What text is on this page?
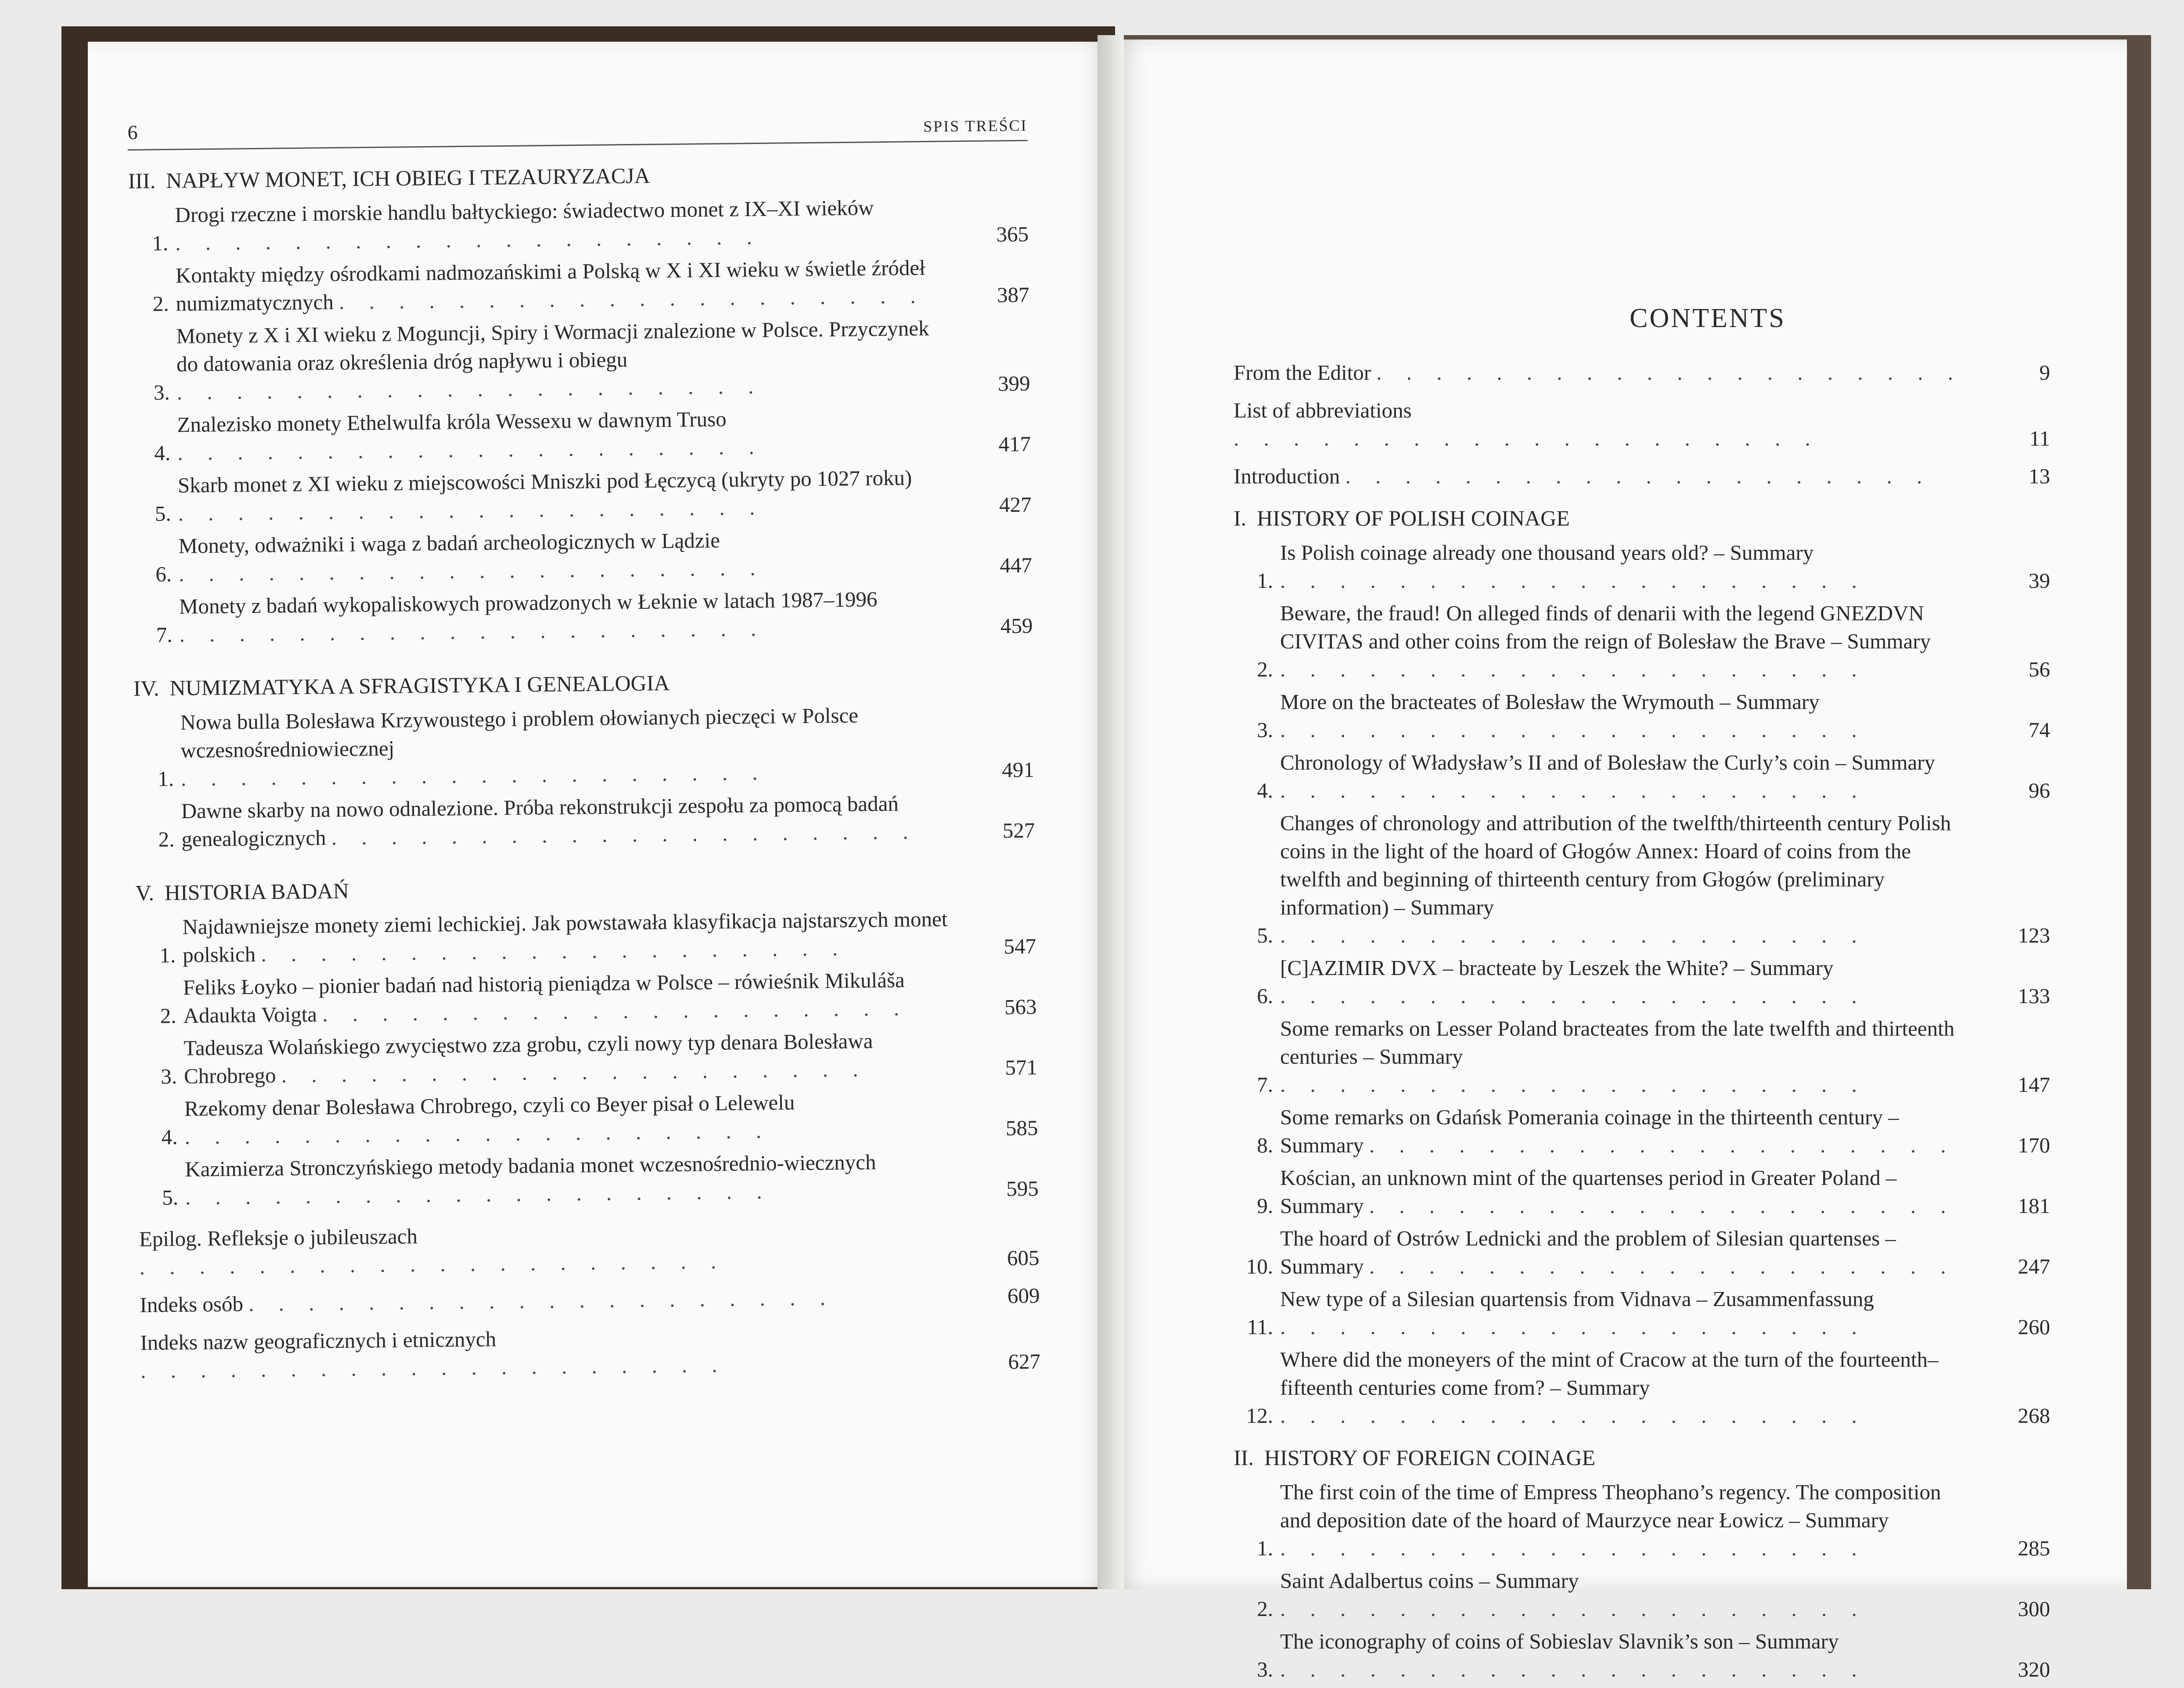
6	SPIS TREŚCI
III. NAPŁYW MONET, ICH OBIEG I TEZAURYZACJA
1.
Drogi rzeczne i morskie handlu bałtyckiego: świadectwo monet z IX–XI wieków . . . . . . . . . . . . . . . . . . . .	365
2.
Kontakty między ośrodkami nadmozańskimi a Polską w X i XI wieku w świetle źródeł numizmatycznych . . . . . . . . . . . . . . . . . . . .	387
3.
Monety z X i XI wieku z Moguncji, Spiry i Wormacji znalezione w Polsce. Przyczynek do datowania oraz określenia dróg napływu i obiegu . . . . . . . . . . . . . . . . . . . .	399
4.
Znalezisko monety Ethelwulfa króla Wessexu w dawnym Truso . . . . . . . . . . . . . . . . . . . .	417
5.
Skarb monet z XI wieku z miejscowości Mniszki pod Łęczycą (ukryty po 1027 roku) . . . . . . . . . . . . . . . . . . . .	427
6.
Monety, odważniki i waga z badań archeologicznych w Lądzie . . . . . . . . . . . . . . . . . . . .	447
7.
Monety z badań wykopaliskowych prowadzonych w Łeknie w latach 1987–1996 . . . . . . . . . . . . . . . . . . . .	459
IV. NUMIZMATYKA A SFRAGISTYKA I GENEALOGIA
1.
Nowa bulla Bolesława Krzywoustego i problem ołowianych pieczęci w Polsce wczesnośredniowiecznej . . . . . . . . . . . . . . . . . . . .	491
2.
Dawne skarby na nowo odnalezione. Próba rekonstrukcji zespołu za pomocą badań genealogicznych . . . . . . . . . . . . . . . . . . . .	527
V. HISTORIA BADAŃ
1.
Najdawniejsze monety ziemi lechickiej. Jak powstawała klasyfikacja najstarszych monet polskich . . . . . . . . . . . . . . . . . . . .	547
2.
Feliks Łoyko – pionier badań nad historią pieniądza w Polsce – rówieśnik Mikuláša Adaukta Voigta . . . . . . . . . . . . . . . . . . . .	563
3.
Tadeusza Wolańskiego zwycięstwo zza grobu, czyli nowy typ denara Bolesława Chrobrego . . . . . . . . . . . . . . . . . . . .	571
4.
Rzekomy denar Bolesława Chrobrego, czyli co Beyer pisał o Lelewelu . . . . . . . . . . . . . . . . . . . .	585
5.
Kazimierza Stronczyńskiego metody badania monet wczesnośrednio-wiecznych . . . . . . . . . . . . . . . . . . . .	595
Epilog. Refleksje o jubileuszach . . . . . . . . . . . . . . . . . . . .	605
Indeks osób . . . . . . . . . . . . . . . . . . . .	609
Indeks nazw geograficznych i etnicznych . . . . . . . . . . . . . . . . . . . .	627
CONTENTS
From the Editor . . . . . . . . . . . . . . . . . . . .	9
List of abbreviations . . . . . . . . . . . . . . . . . . . .	11
Introduction . . . . . . . . . . . . . . . . . . . .	13
I. HISTORY OF POLISH COINAGE
1.
Is Polish coinage already one thousand years old? – Summary . . . . . . . . . . . . . . . . . . . .	39
2.
Beware, the fraud! On alleged finds of denarii with the legend GNEZDVN CIVITAS and other coins from the reign of Bolesław the Brave – Summary . . . . . . . . . . . . . . . . . . . .	56
3.
More on the bracteates of Bolesław the Wrymouth – Summary . . . . . . . . . . . . . . . . . . . .	74
4.
Chronology of Władysław’s II and of Bolesław the Curly’s coin – Summary . . . . . . . . . . . . . . . . . . . .	96
5.
Changes of chronology and attribution of the twelfth/thirteenth century Polish coins in the light of the hoard of Głogów Annex: Hoard of coins from the twelfth and beginning of thirteenth century from Głogów (preliminary information) – Summary . . . . . . . . . . . . . . . . . . . .	123
6.
[C]AZIMIR DVX – bracteate by Leszek the White? – Summary . . . . . . . . . . . . . . . . . . . .	133
7.
Some remarks on Lesser Poland bracteates from the late twelfth and thirteenth centuries – Summary . . . . . . . . . . . . . . . . . . . .	147
8.
Some remarks on Gdańsk Pomerania coinage in the thirteenth century – Summary . . . . . . . . . . . . . . . . . . . .	170
9.
Kościan, an unknown mint of the quartenses period in Greater Poland – Summary . . . . . . . . . . . . . . . . . . . .	181
10.
The hoard of Ostrów Lednicki and the problem of Silesian quartenses – Summary . . . . . . . . . . . . . . . . . . . .	247
11.
New type of a Silesian quartensis from Vidnava – Zusammenfassung . . . . . . . . . . . . . . . . . . . .	260
12.
Where did the moneyers of the mint of Cracow at the turn of the fourteenth–fifteenth centuries come from? – Summary . . . . . . . . . . . . . . . . . . . .	268
II. HISTORY OF FOREIGN COINAGE
1.
The first coin of the time of Empress Theophano’s regency. The composition and deposition date of the hoard of Maurzyce near Łowicz – Summary . . . . . . . . . . . . . . . . . . . .	285
2.
Saint Adalbertus coins – Summary . . . . . . . . . . . . . . . . . . . .	300
3.
The iconography of coins of Sobieslav Slavnik’s son – Summary . . . . . . . . . . . . . . . . . . . .	320
